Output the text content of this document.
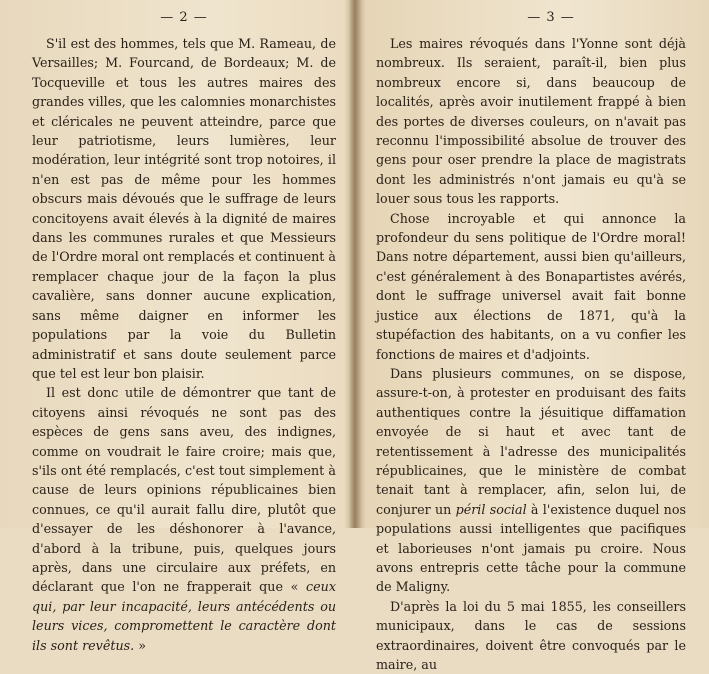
— 2 —

S'il est des hommes, tels que M. Rameau, de Versailles; M. Fourcand, de Bordeaux; M. de Tocqueville et tous les autres maires des grandes villes, que les calomnies monarchistes et cléricales ne peuvent atteindre, parce que leur patriotisme, leurs lumières, leur modération, leur intégrité sont trop notoires, il n'en est pas de même pour les hommes obscurs mais dévoués que le suffrage de leurs concitoyens avait élevés à la dignité de maires dans les communes rurales et que Messieurs de l'Ordre moral ont remplacés et continuent à remplacer chaque jour de la façon la plus cavalière, sans donner aucune explication, sans même daigner en informer les populations par la voie du Bulletin administratif et sans doute seulement parce que tel est leur bon plaisir.

Il est donc utile de démontrer que tant de citoyens ainsi révoqués ne sont pas des espèces de gens sans aveu, des indignes, comme on voudrait le faire croire; mais que, s'ils ont été remplacés, c'est tout simplement à cause de leurs opinions républicaines bien connues, ce qu'il aurait fallu dire, plutôt que d'essayer de les déshonorer à l'avance, d'abord à la tribune, puis, quelques jours après, dans une circulaire aux préfets, en déclarant que l'on ne frapperait que « ceux qui, par leur incapacité, leurs antécédents ou leurs vices, compromettent le caractère dont ils sont revêtus. »

— 3 —

Les maires révoqués dans l'Yonne sont déjà nombreux. Ils seraient, paraît-il, bien plus nombreux encore si, dans beaucoup de localités, après avoir inutilement frappé à bien des portes de diverses couleurs, on n'avait pas reconnu l'impossibilité absolue de trouver des gens pour oser prendre la place de magistrats dont les administrés n'ont jamais eu qu'à se louer sous tous les rapports.

Chose incroyable et qui annonce la profondeur du sens politique de l'Ordre moral! Dans notre département, aussi bien qu'ailleurs, c'est généralement à des Bonapartistes avérés, dont le suffrage universel avait fait bonne justice aux élections de 1871, qu'à la stupéfaction des habitants, on a vu confier les fonctions de maires et d'adjoints.

Dans plusieurs communes, on se dispose, assure-t-on, à protester en produisant des faits authentiques contre la jésuitique diffamation envoyée de si haut et avec tant de retentissement à l'adresse des municipalités républicaines, que le ministère de combat tenait tant à remplacer, afin, selon lui, de conjurer un péril social à l'existence duquel nos populations aussi intelligentes que pacifiques et laborieuses n'ont jamais pu croire. Nous avons entrepris cette tâche pour la commune de Maligny.

D'après la loi du 5 mai 1855, les conseillers municipaux, dans le cas de sessions extraordinaires, doivent être convoqués par le maire, au
